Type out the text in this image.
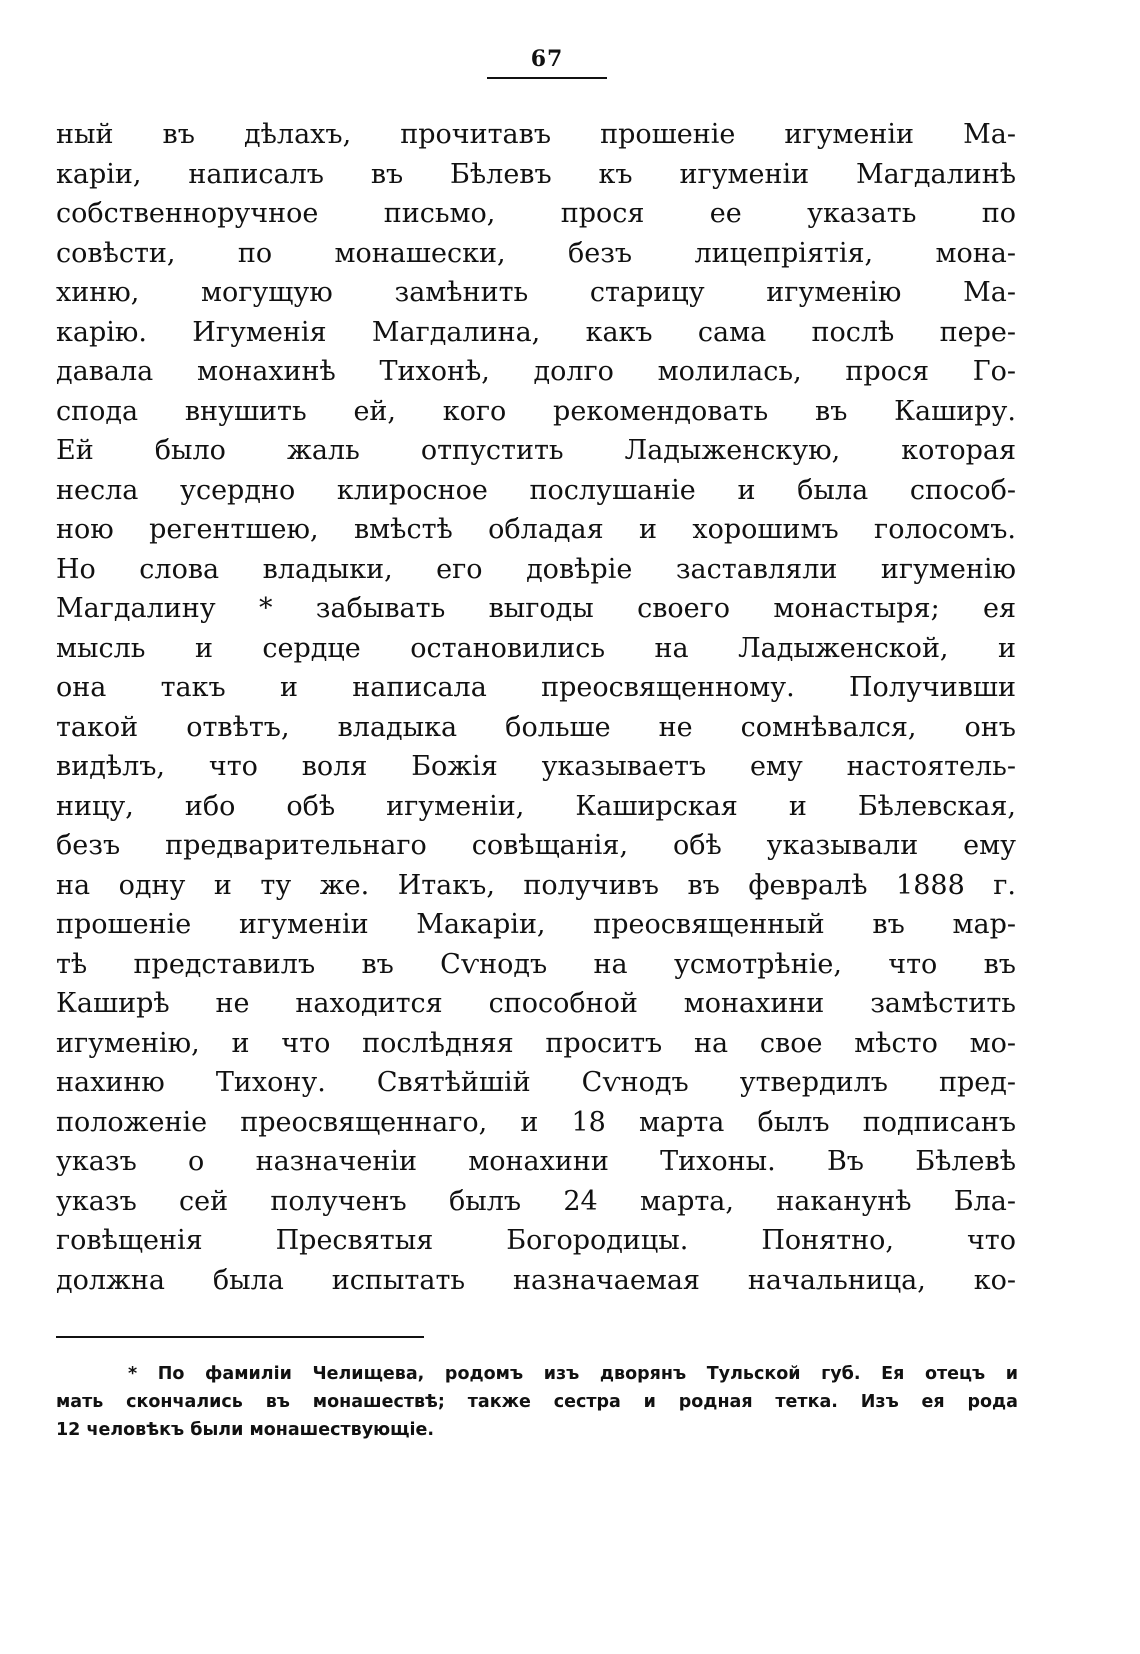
67
ный въ дѣлахъ, прочитавъ прошеніе игуменіи Ма-
каріи, написалъ въ Бѣлевъ къ игуменіи Магдалинѣ
собственноручное письмо, прося ее указать по
совѣсти, по монашески, безъ лицепріятія, мона-
хиню, могущую замѣнить старицу игуменію Ма-
карію. Игуменія Магдалина, какъ сама послѣ пере-
давала монахинѣ Тихонѣ, долго молилась, прося Го-
спода внушить ей, кого рекомендовать въ Каширу.
Ей было жаль отпустить Ладыженскую, которая
несла усердно клиросное послушаніе и была способ-
ною регентшею, вмѣстѣ обладая и хорошимъ голосомъ.
Но слова владыки, его довѣріе заставляли игуменію
Магдалину * забывать выгоды своего монастыря; ея
мысль и сердце остановились на Ладыженской, и
она такъ и написала преосвященному. Получивши
такой отвѣтъ, владыка больше не сомнѣвался, онъ
видѣлъ, что воля Божія указываетъ ему настоятель-
ницу, ибо обѣ игуменіи, Каширская и Бѣлевская,
безъ предварительнаго совѣщанія, обѣ указывали ему
на одну и ту же. Итакъ, получивъ въ февралѣ 1888 г.
прошеніе игуменіи Макаріи, преосвященный въ мар-
тѣ представилъ въ Сѵнодъ на усмотрѣніе, что въ
Каширѣ не находится способной монахини замѣстить
игуменію, и что послѣдняя проситъ на свое мѣсто мо-
нахиню Тихону. Святѣйшій Сѵнодъ утвердилъ пред-
положеніе преосвященнаго, и 18 марта былъ подписанъ
указъ о назначеніи монахини Тихоны. Въ Бѣлевѣ
указъ сей полученъ былъ 24 марта, наканунѣ Бла-
говѣщенія Пресвятыя Богородицы. Понятно, что
должна была испытать назначаемая начальница, ко-
* По фамиліи Челищева, родомъ изъ дворянъ Тульской губ. Ея отецъ и
мать скончались въ монашествѣ; также сестра и родная тетка. Изъ ея рода
12 человѣкъ были монашествующіе.
